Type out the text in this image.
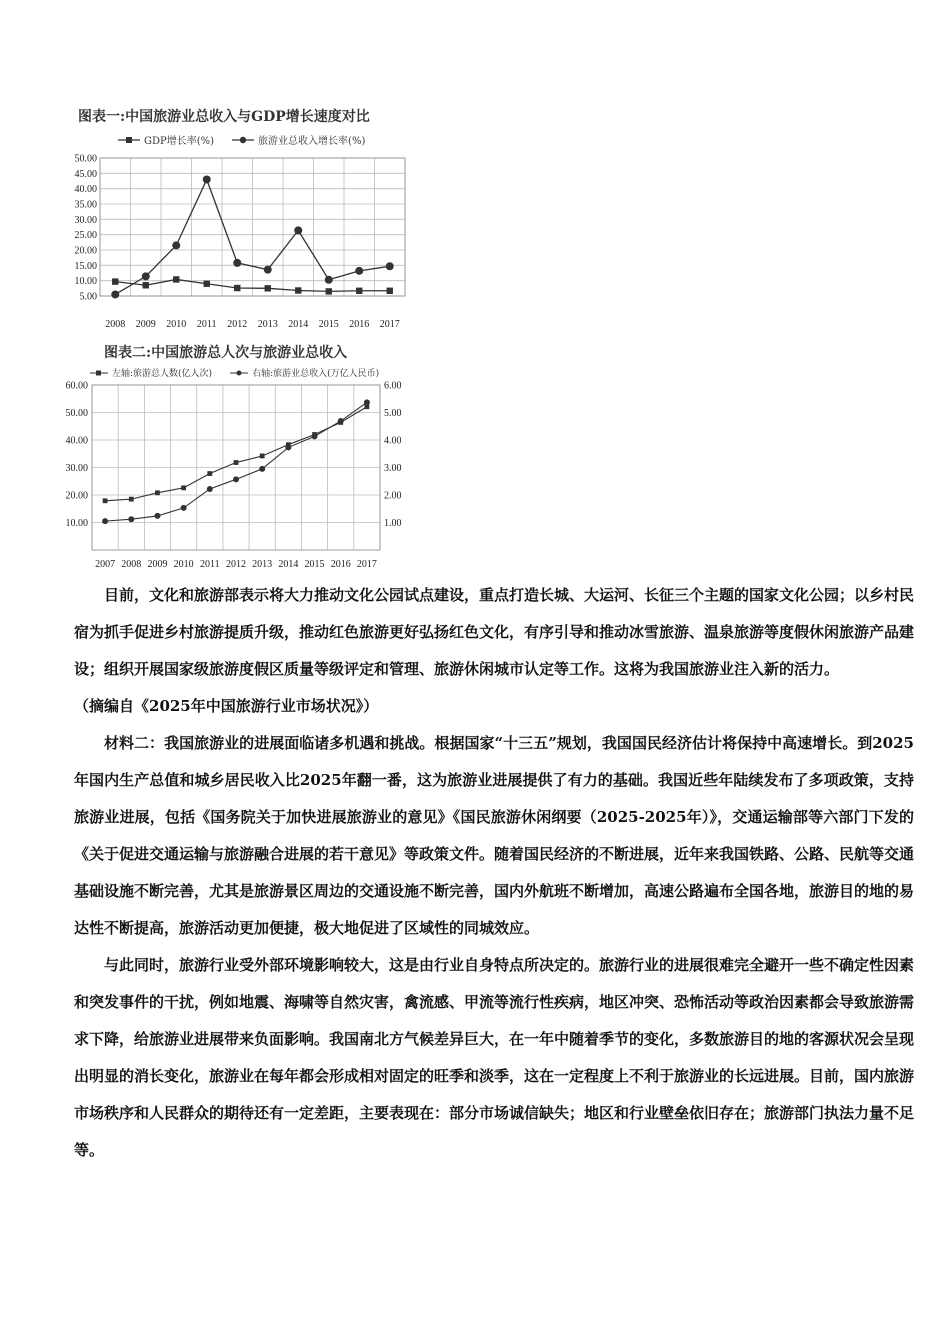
图表一:中国旅游业总收入与GDP增长速度对比
GDP增长率(%)	旅游业总收入增长率(%)
50.00
45.00
40.00
35.00
30.00
25.00
20.00
15.00
10.00
5.00
2008 2009 2010 2011 2012 2013 2014 2015 2016 2017
图表二:中国旅游总人次与旅游业总收入
左轴:旅游总人数(亿人次)	右轴:旅游业总收入(万亿人民币)
60.00
50.00
40.00
30.00
20.00
10.00
6.00
5.00
4.00
3.00
2.00
1.00
2007 2008 2009 2010 2011 2012 2013 2014 2015 2016 2017

目前，文化和旅游部表示将大力推动文化公园试点建设，重点打造长城、大运河、长征三个主题的国家文化公园；以乡村民宿为抓手促进乡村旅游提质升级，推动红色旅游更好弘扬红色文化，有序引导和推动冰雪旅游、温泉旅游等度假休闲旅游产品建设；组织开展国家级旅游度假区质量等级评定和管理、旅游休闲城市认定等工作。这将为我国旅游业注入新的活力。

（摘编自《2025年中国旅游行业市场状况》）

材料二：我国旅游业的进展面临诸多机遇和挑战。根据国家“十三五”规划，我国国民经济估计将保持中高速增长。到2025年国内生产总值和城乡居民收入比2025年翻一番，这为旅游业进展提供了有力的基础。我国近些年陆续发布了多项政策，支持旅游业进展，包括《国务院关于加快进展旅游业的意见》《国民旅游休闲纲要（2025-2025年）》，交通运输部等六部门下发的《关于促进交通运输与旅游融合进展的若干意见》等政策文件。随着国民经济的不断进展，近年来我国铁路、公路、民航等交通基础设施不断完善，尤其是旅游景区周边的交通设施不断完善，国内外航班不断增加，高速公路遍布全国各地，旅游目的地的易达性不断提高，旅游活动更加便捷，极大地促进了区域性的同城效应。

与此同时，旅游行业受外部环境影响较大，这是由行业自身特点所决定的。旅游行业的进展很难完全避开一些不确定性因素和突发事件的干扰，例如地震、海啸等自然灾害，禽流感、甲流等流行性疾病，地区冲突、恐怖活动等政治因素都会导致旅游需求下降，给旅游业进展带来负面影响。我国南北方气候差异巨大，在一年中随着季节的变化，多数旅游目的地的客源状况会呈现出明显的消长变化，旅游业在每年都会形成相对固定的旺季和淡季，这在一定程度上不利于旅游业的长远进展。目前，国内旅游市场秩序和人民群众的期待还有一定差距，主要表现在：部分市场诚信缺失；地区和行业壁垒依旧存在；旅游部门执法力量不足等。
